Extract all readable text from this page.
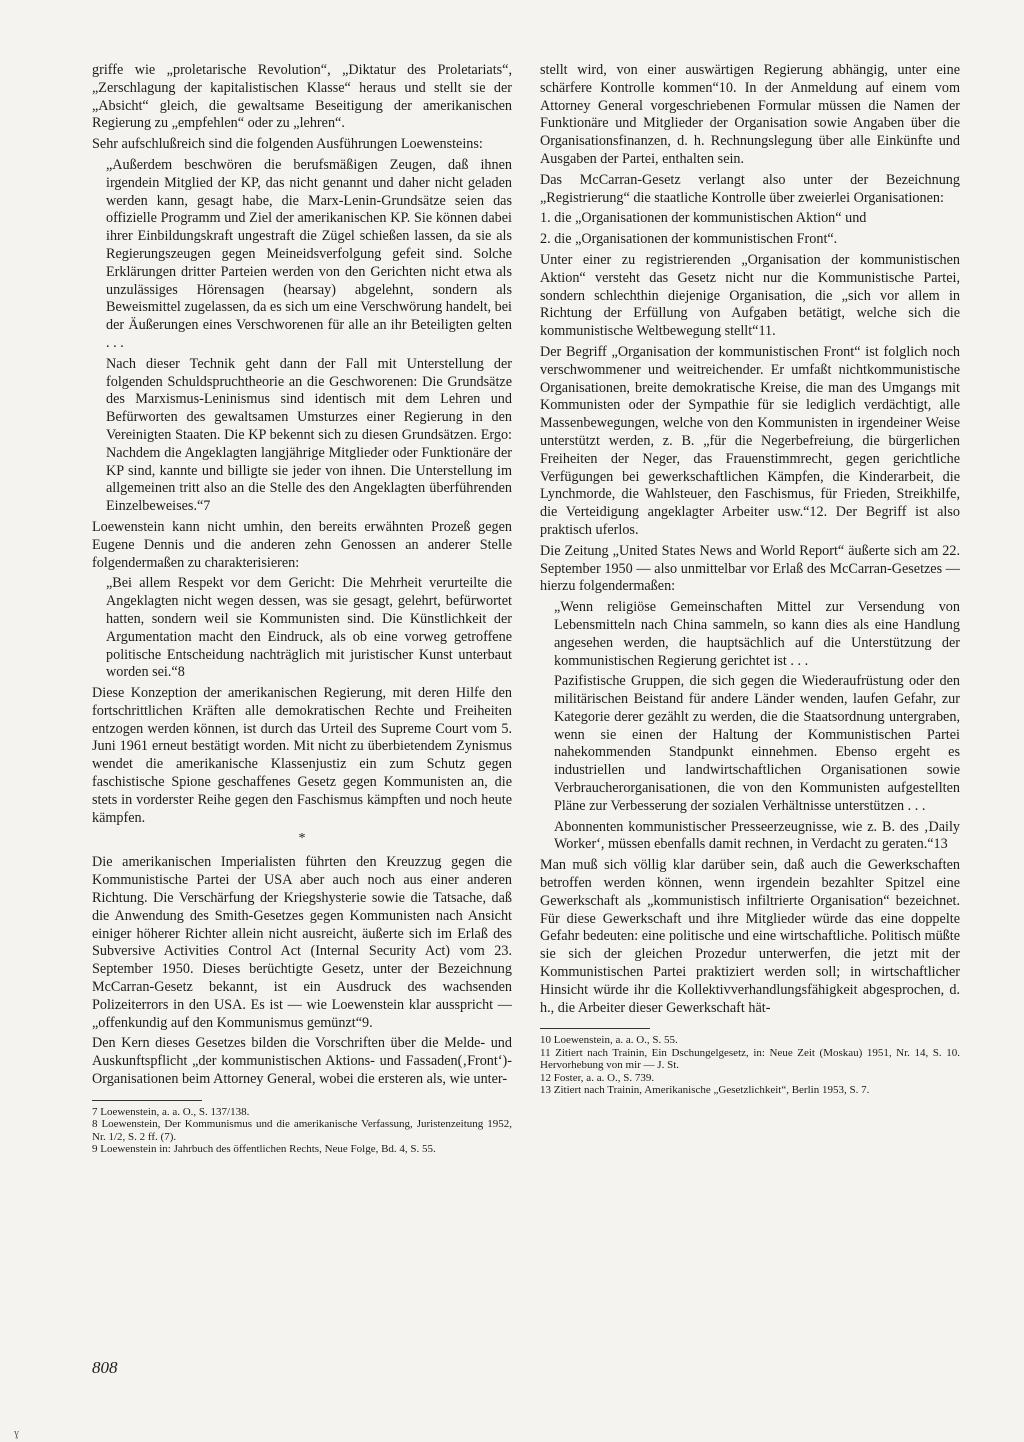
griffe wie „proletarische Revolution“, „Diktatur des Proletariats“, „Zerschlagung der kapitalistischen Klasse“ heraus und stellt sie der „Absicht“ gleich, die gewaltsame Beseitigung der amerikanischen Regierung zu „empfehlen“ oder zu „lehren“.

Sehr aufschlußreich sind die folgenden Ausführungen Loewensteins:

„Außerdem beschwören die berufsmäßigen Zeugen, daß ihnen irgendein Mitglied der KP, das nicht genannt und daher nicht geladen werden kann, gesagt habe, die Marx-Lenin-Grundsätze seien das offizielle Programm und Ziel der amerikanischen KP. Sie können dabei ihrer Einbildungskraft ungestraft die Zügel schießen lassen, da sie als Regierungszeugen gegen Meineidsverfolgung gefeit sind. Solche Erklärungen dritter Parteien werden von den Gerichten nicht etwa als unzulässiges Hörensagen (hearsay) abgelehnt, sondern als Beweismittel zugelassen, da es sich um eine Verschwörung handelt, bei der Äußerungen eines Verschworenen für alle an ihr Beteiligten gelten . . .

Nach dieser Technik geht dann der Fall mit Unterstellung der folgenden Schuldspruchtheorie an die Geschworenen: Die Grundsätze des Marxismus-Leninismus sind identisch mit dem Lehren und Befürworten des gewaltsamen Umsturzes einer Regierung in den Vereinigten Staaten. Die KP bekennt sich zu diesen Grundsätzen. Ergo: Nachdem die Angeklagten langjährige Mitglieder oder Funktionäre der KP sind, kannte und billigte sie jeder von ihnen. Die Unterstellung im allgemeinen tritt also an die Stelle des den Angeklagten überführenden Einzelbeweises.“7

Loewenstein kann nicht umhin, den bereits erwähnten Prozeß gegen Eugene Dennis und die anderen zehn Genossen an anderer Stelle folgendermaßen zu charakterisieren:

„Bei allem Respekt vor dem Gericht: Die Mehrheit verurteilte die Angeklagten nicht wegen dessen, was sie gesagt, gelehrt, befürwortet hatten, sondern weil sie Kommunisten sind. Die Künstlichkeit der Argumentation macht den Eindruck, als ob eine vorweg getroffene politische Entscheidung nachträglich mit juristischer Kunst unterbaut worden sei.“8

Diese Konzeption der amerikanischen Regierung, mit deren Hilfe den fortschrittlichen Kräften alle demokratischen Rechte und Freiheiten entzogen werden können, ist durch das Urteil des Supreme Court vom 5. Juni 1961 erneut bestätigt worden. Mit nicht zu überbietendem Zynismus wendet die amerikanische Klassenjustiz ein zum Schutz gegen faschistische Spione geschaffenes Gesetz gegen Kommunisten an, die stets in vorderster Reihe gegen den Faschismus kämpften und noch heute kämpfen.

*

Die amerikanischen Imperialisten führten den Kreuzzug gegen die Kommunistische Partei der USA aber auch noch aus einer anderen Richtung. Die Verschärfung der Kriegshysterie sowie die Tatsache, daß die Anwendung des Smith-Gesetzes gegen Kommunisten nach Ansicht einiger höherer Richter allein nicht ausreicht, äußerte sich im Erlaß des Subversive Activities Control Act (Internal Security Act) vom 23. September 1950. Dieses berüchtigte Gesetz, unter der Bezeichnung McCarran-Gesetz bekannt, ist ein Ausdruck des wachsenden Polizeiterrors in den USA. Es ist — wie Loewenstein klar ausspricht — „offenkundig auf den Kommunismus gemünzt“9.

Den Kern dieses Gesetzes bilden die Vorschriften über die Melde- und Auskunftspflicht „der kommunistischen Aktions- und Fassaden(‚Front‘)-Organisationen beim Attorney General, wobei die ersteren als, wie unter-

7 Loewenstein, a. a. O., S. 137/138.

8 Loewenstein, Der Kommunismus und die amerikanische Verfassung, Juristenzeitung 1952, Nr. 1/2, S. 2 ff. (7).

9 Loewenstein in: Jahrbuch des öffentlichen Rechts, Neue Folge, Bd. 4, S. 55.

stellt wird, von einer auswärtigen Regierung abhängig, unter eine schärfere Kontrolle kommen“10. In der Anmeldung auf einem vom Attorney General vorgeschriebenen Formular müssen die Namen der Funktionäre und Mitglieder der Organisation sowie Angaben über die Organisationsfinanzen, d. h. Rechnungslegung über alle Einkünfte und Ausgaben der Partei, enthalten sein.

Das McCarran-Gesetz verlangt also unter der Bezeichnung „Registrierung“ die staatliche Kontrolle über zweierlei Organisationen:

1. die „Organisationen der kommunistischen Aktion“ und

2. die „Organisationen der kommunistischen Front“.

Unter einer zu registrierenden „Organisation der kommunistischen Aktion“ versteht das Gesetz nicht nur die Kommunistische Partei, sondern schlechthin diejenige Organisation, die „sich vor allem in Richtung der Erfüllung von Aufgaben betätigt, welche sich die kommunistische Weltbewegung stellt“11.

Der Begriff „Organisation der kommunistischen Front“ ist folglich noch verschwommener und weitreichender. Er umfaßt nichtkommunistische Organisationen, breite demokratische Kreise, die man des Umgangs mit Kommunisten oder der Sympathie für sie lediglich verdächtigt, alle Massenbewegungen, welche von den Kommunisten in irgendeiner Weise unterstützt werden, z. B. „für die Negerbefreiung, die bürgerlichen Freiheiten der Neger, das Frauenstimmrecht, gegen gerichtliche Verfügungen bei gewerkschaftlichen Kämpfen, die Kinderarbeit, die Lynchmorde, die Wahlsteuer, den Faschismus, für Frieden, Streikhilfe, die Verteidigung angeklagter Arbeiter usw.“12. Der Begriff ist also praktisch uferlos.

Die Zeitung „United States News and World Report“ äußerte sich am 22. September 1950 — also unmittelbar vor Erlaß des McCarran-Gesetzes — hierzu folgendermaßen:

„Wenn religiöse Gemeinschaften Mittel zur Versendung von Lebensmitteln nach China sammeln, so kann dies als eine Handlung angesehen werden, die hauptsächlich auf die Unterstützung der kommunistischen Regierung gerichtet ist . . .

Pazifistische Gruppen, die sich gegen die Wiederaufrüstung oder den militärischen Beistand für andere Länder wenden, laufen Gefahr, zur Kategorie derer gezählt zu werden, die die Staatsordnung untergraben, wenn sie einen der Haltung der Kommunistischen Partei nahekommenden Standpunkt einnehmen. Ebenso ergeht es industriellen und landwirtschaftlichen Organisationen sowie Verbraucherorganisationen, die von den Kommunisten aufgestellten Pläne zur Verbesserung der sozialen Verhältnisse unterstützen . . .

Abonnenten kommunistischer Presseerzeugnisse, wie z. B. des ‚Daily Worker‘, müssen ebenfalls damit rechnen, in Verdacht zu geraten.“13

Man muß sich völlig klar darüber sein, daß auch die Gewerkschaften betroffen werden können, wenn irgendein bezahlter Spitzel eine Gewerkschaft als „kommunistisch infiltrierte Organisation“ bezeichnet. Für diese Gewerkschaft und ihre Mitglieder würde das eine doppelte Gefahr bedeuten: eine politische und eine wirtschaftliche. Politisch müßte sie sich der gleichen Prozedur unterwerfen, die jetzt mit der Kommunistischen Partei praktiziert werden soll; in wirtschaftlicher Hinsicht würde ihr die Kollektivverhandlungsfähigkeit abgesprochen, d. h., die Arbeiter dieser Gewerkschaft hät-

10 Loewenstein, a. a. O., S. 55.

11 Zitiert nach Trainin, Ein Dschungelgesetz, in: Neue Zeit (Moskau) 1951, Nr. 14, S. 10. Hervorhebung von mir — J. St.

12 Foster, a. a. O., S. 739.

13 Zitiert nach Trainin, Amerikanische „Gesetzlichkeit“, Berlin 1953, S. 7.

808
ɣ
